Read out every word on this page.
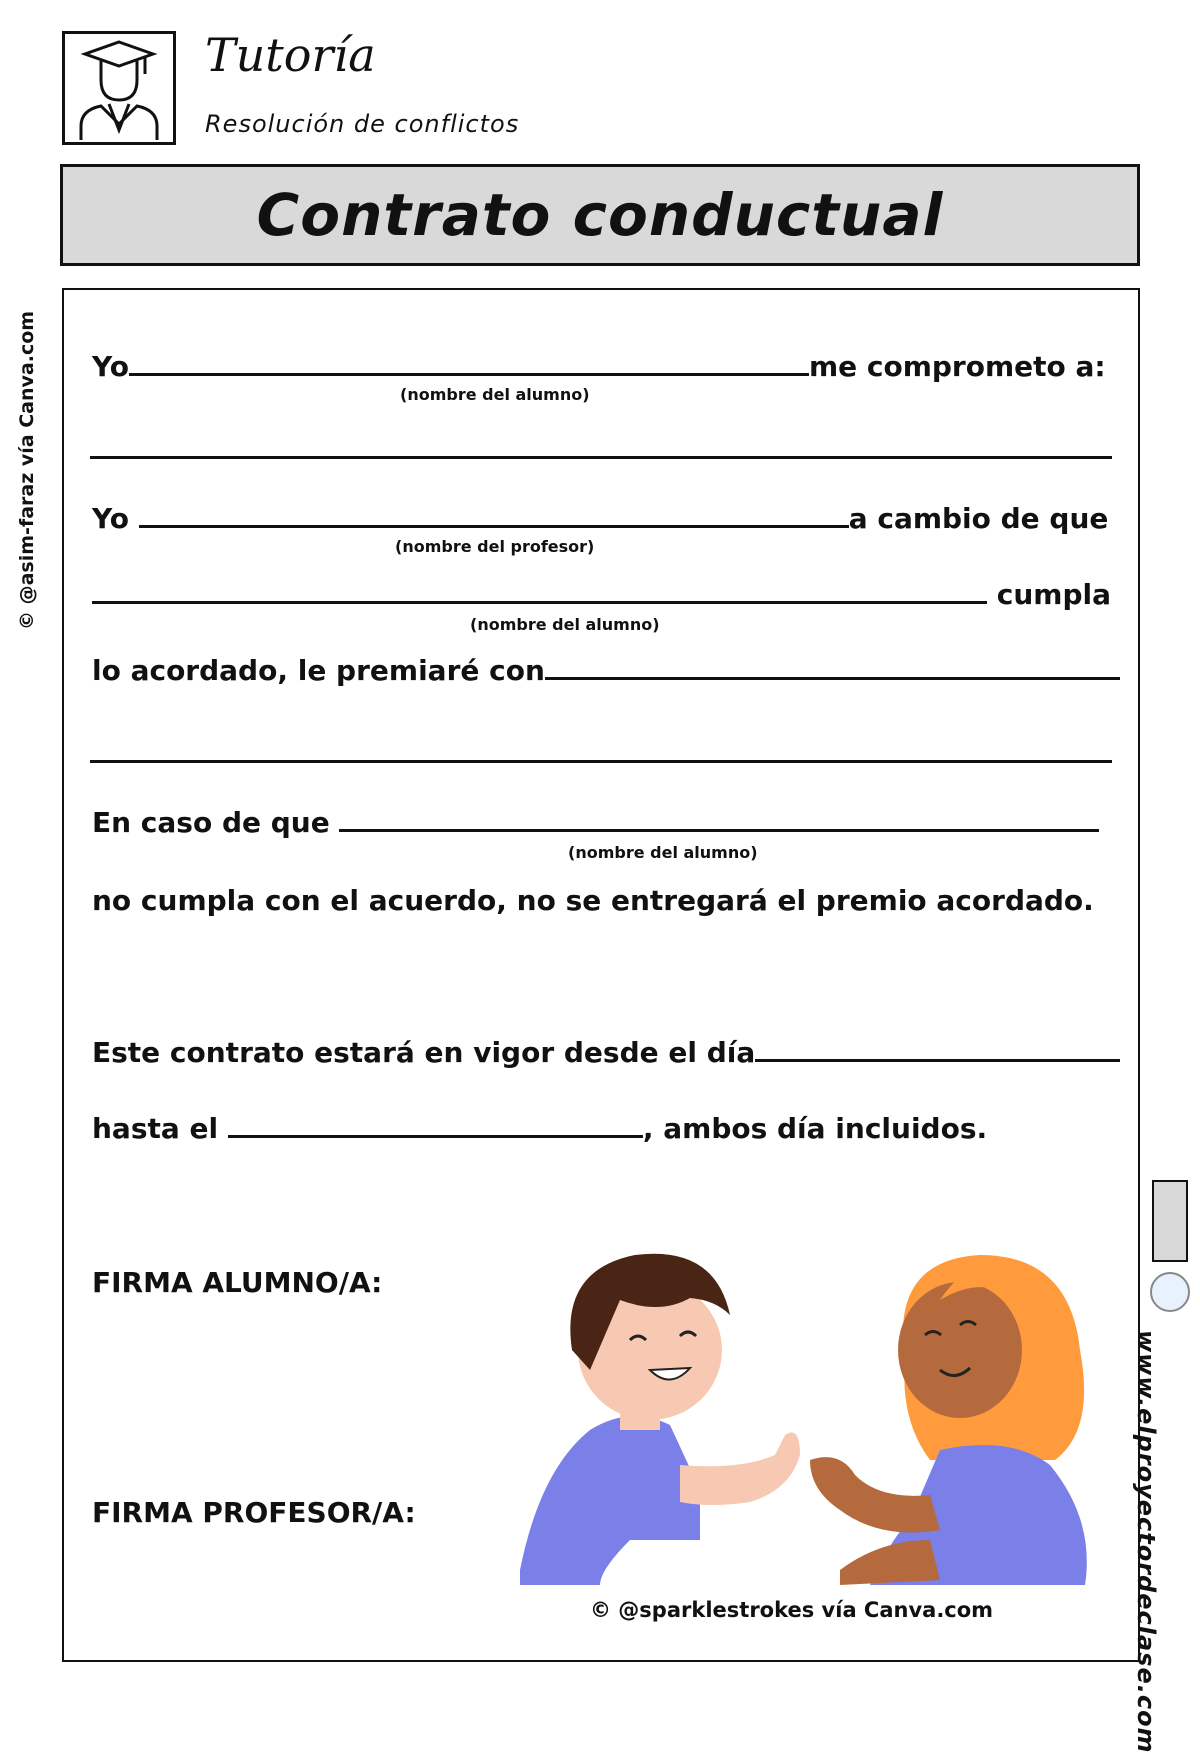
Tutoría
Resolución de conflictos
Contrato conductual
© @asim-faraz vía Canva.com Yo	me comprometo a:
(nombre del alumno)
Yo	a cambio de que
(nombre del profesor)
cumpla
(nombre del alumno)
lo acordado, le premiaré con
En caso de que
(nombre del alumno)
no cumpla con el acuerdo, no se entregará el premio acordado.
Este contrato estará en vigor desde el día
hasta el	, ambos día incluidos.
FIRMA ALUMNO/A:
FIRMA PROFESOR/A:
© @sparklestrokes vía Canva.com	www.elproyectordeclase.com
